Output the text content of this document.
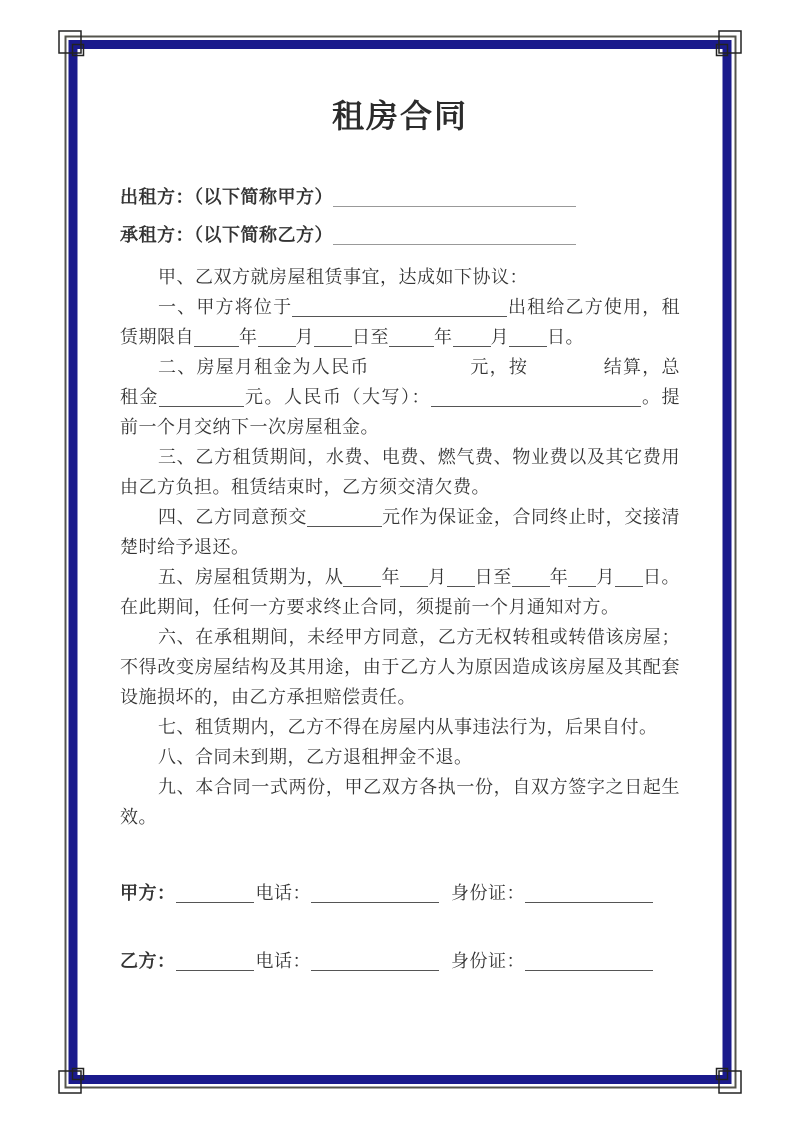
租房合同
出租方：（以下简称甲方）
承租方：（以下简称乙方）

甲、乙双方就房屋租赁事宜，达成如下协议：

一、甲方将位于	出租给乙方使用，租赁期限自	年 月 日至	年 月 日。

二、房屋月租金为人民币	元，按	结算，总租金	元。人民币（大写）：	。提前一个月交纳下一次房屋租金。

三、乙方租赁期间，水费、电费、燃气费、物业费以及其它费用由乙方负担。租赁结束时，乙方须交清欠费。

四、乙方同意预交	元作为保证金，合同终止时，交接清楚时给予退还。

五、房屋租赁期为，从 年 月 日至 年 月 日。在此期间，任何一方要求终止合同，须提前一个月通知对方。

六、在承租期间，未经甲方同意，乙方无权转租或转借该房屋；不得改变房屋结构及其用途，由于乙方人为原因造成该房屋及其配套设施损坏的，由乙方承担赔偿责任。

七、租赁期内，乙方不得在房屋内从事违法行为，后果自付。

八、合同未到期，乙方退租押金不退。

九、本合同一式两份，甲乙双方各执一份，自双方签字之日起生效。

甲方：	电话：	身份证：
乙方：	电话：	身份证：
